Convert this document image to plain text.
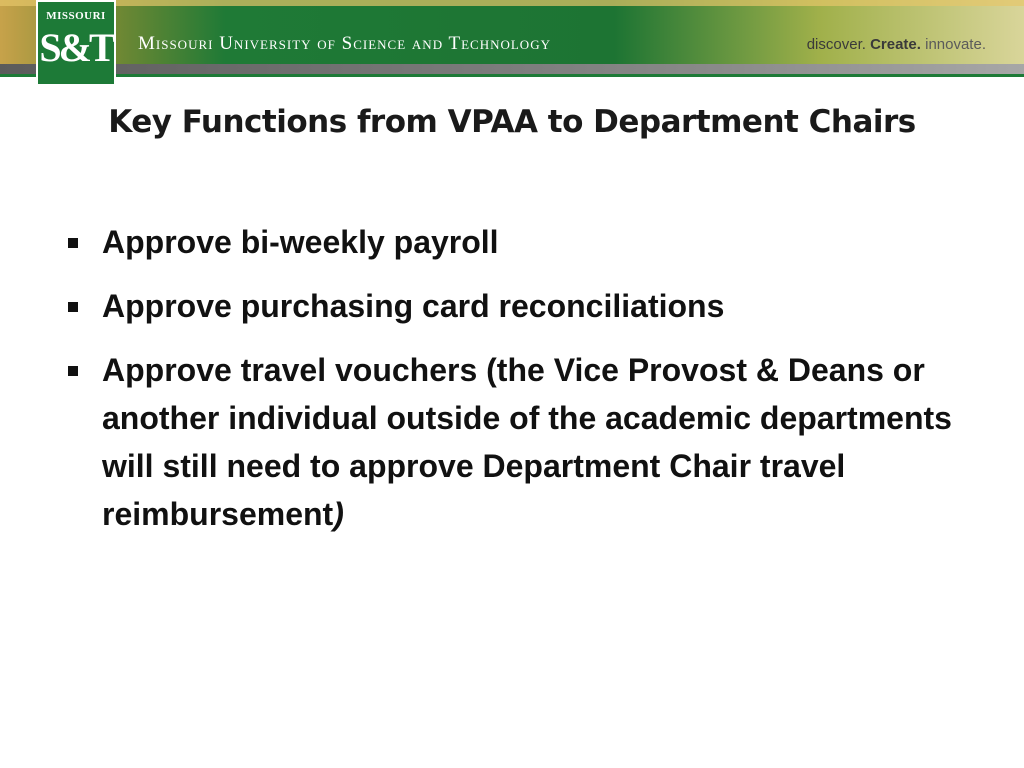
MISSOURI
S&T Missouri University of Science and Technology	discover. Create. innovate.
Key Functions from VPAA to Department Chairs
Approve bi-weekly payroll
Approve purchasing card reconciliations
Approve travel vouchers (the Vice Provost & Deans or another individual outside of the academic departments will still need to approve Department Chair travel reimbursement)
